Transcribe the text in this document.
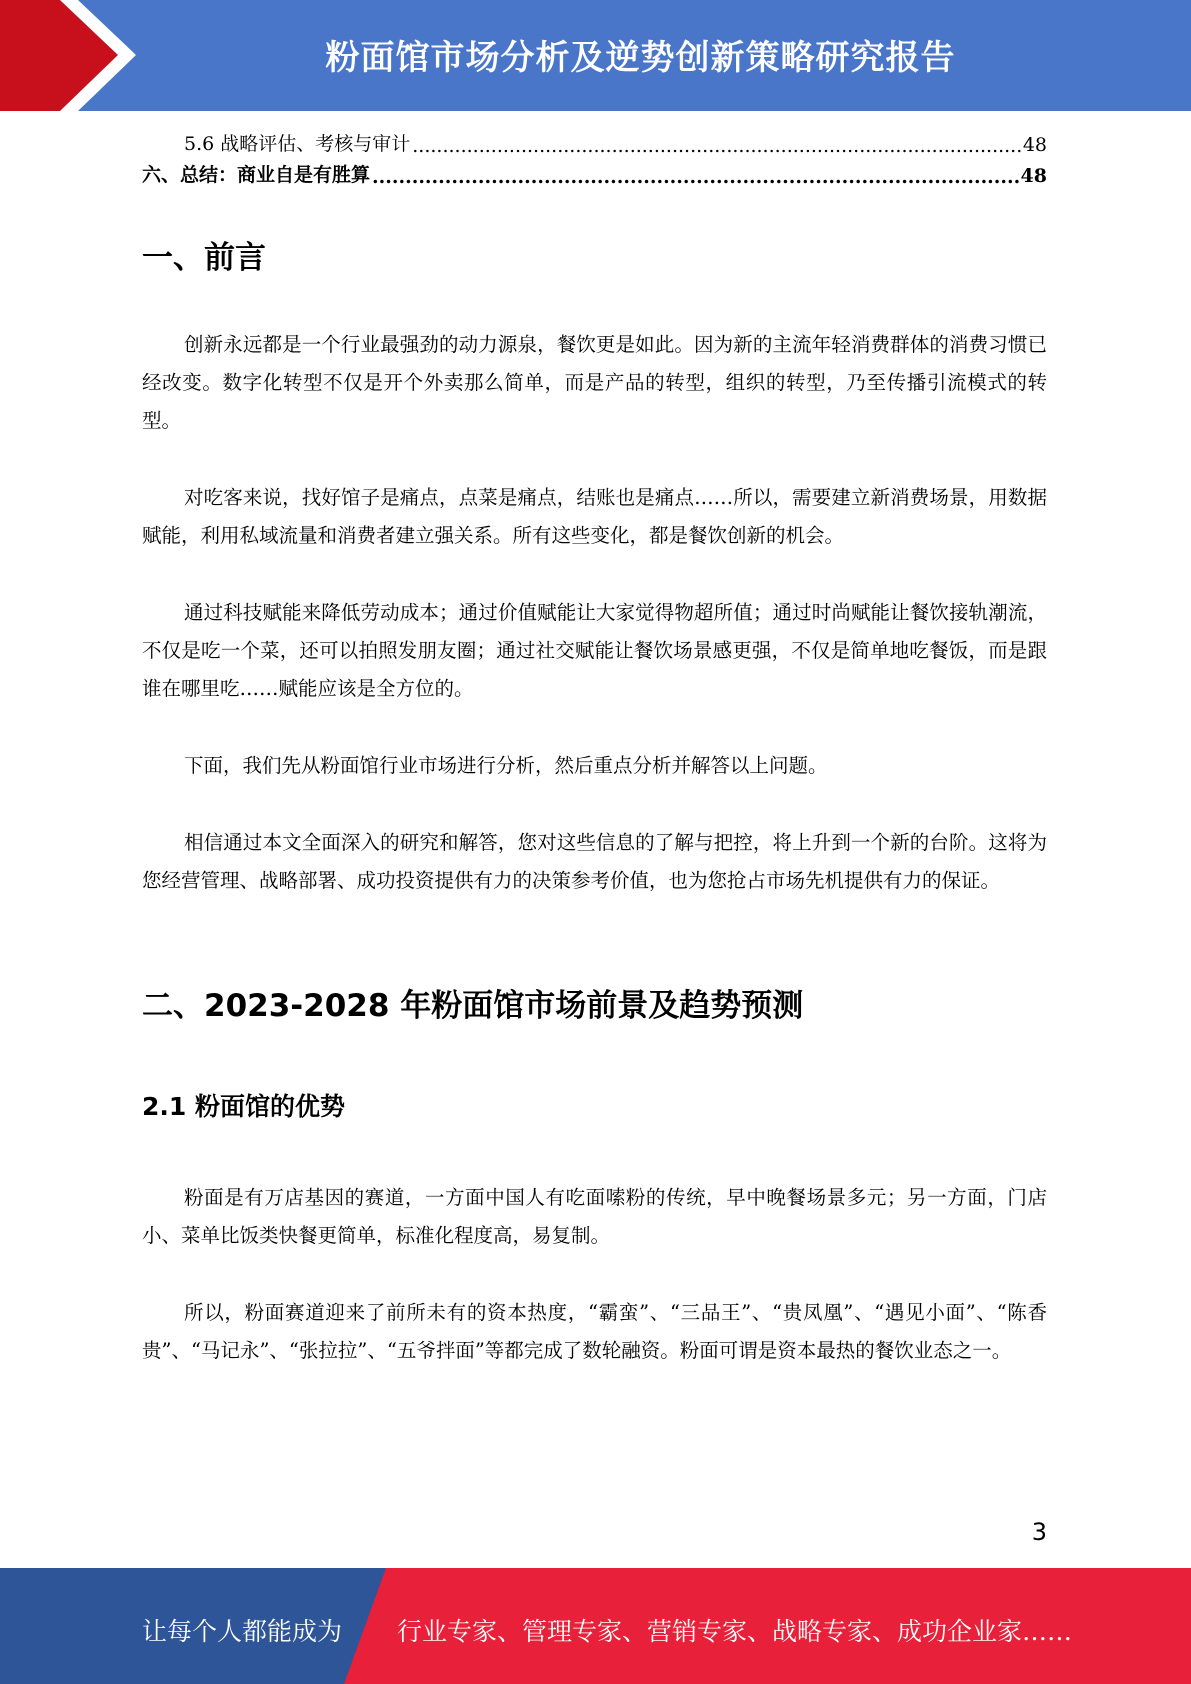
粉面馆市场分析及逆势创新策略研究报告
5.6 战略评估、考核与审计 .....	48
六、总结：商业自是有胜算 .....	48
一、前言

创新永远都是一个行业最强劲的动力源泉，餐饮更是如此。因为新的主流年轻消费群体的消费习惯已经改变。数字化转型不仅是开个外卖那么简单，而是产品的转型，组织的转型，乃至传播引流模式的转型。

对吃客来说，找好馆子是痛点，点菜是痛点，结账也是痛点……所以，需要建立新消费场景，用数据赋能，利用私域流量和消费者建立强关系。所有这些变化，都是餐饮创新的机会。

通过科技赋能来降低劳动成本；通过价值赋能让大家觉得物超所值；通过时尚赋能让餐饮接轨潮流，不仅是吃一个菜，还可以拍照发朋友圈；通过社交赋能让餐饮场景感更强，不仅是简单地吃餐饭，而是跟谁在哪里吃……赋能应该是全方位的。

下面，我们先从粉面馆行业市场进行分析，然后重点分析并解答以上问题。

相信通过本文全面深入的研究和解答，您对这些信息的了解与把控，将上升到一个新的台阶。这将为您经营管理、战略部署、成功投资提供有力的决策参考价值，也为您抢占市场先机提供有力的保证。

二、2023-2028 年粉面馆市场前景及趋势预测
2.1 粉面馆的优势

粉面是有万店基因的赛道，一方面中国人有吃面嗦粉的传统，早中晚餐场景多元；另一方面，门店小、菜单比饭类快餐更简单，标准化程度高，易复制。

所以，粉面赛道迎来了前所未有的资本热度，“霸蛮”、“三品王”、“贵凤凰”、“遇见小面”、“陈香贵”、“马记永”、“张拉拉”、“五爷拌面”等都完成了数轮融资。粉面可谓是资本最热的餐饮业态之一。

3
让每个人都能成为 行业专家、管理专家、营销专家、战略专家、成功企业家……
